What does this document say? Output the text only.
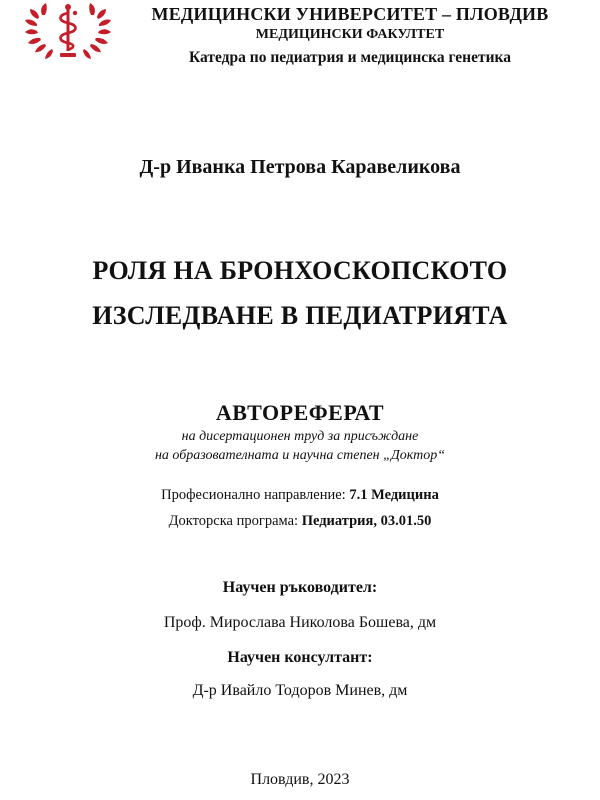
МЕДИЦИНСКИ УНИВЕРСИТЕТ – ПЛОВДИВ
МЕДИЦИНСКИ ФАКУЛТЕТ
Катедра по педиатрия и медицинска генетика
Д-р Иванка Петрова Каравеликова
РОЛЯ НА БРОНХОСКОПСКОТО
ИЗСЛЕДВАНЕ В ПЕДИАТРИЯТА
АВТОРЕФЕРАТ
на дисертационен труд за присъждане
на образователната и научна степен „Доктор“
Професионално направление: 7.1 Медицина
Докторска програма: Педиатрия, 03.01.50
Научен ръководител:
Проф. Мирослава Николова Бошева, дм
Научен консултант:
Д-р Ивайло Тодоров Минев, дм
Пловдив, 2023
